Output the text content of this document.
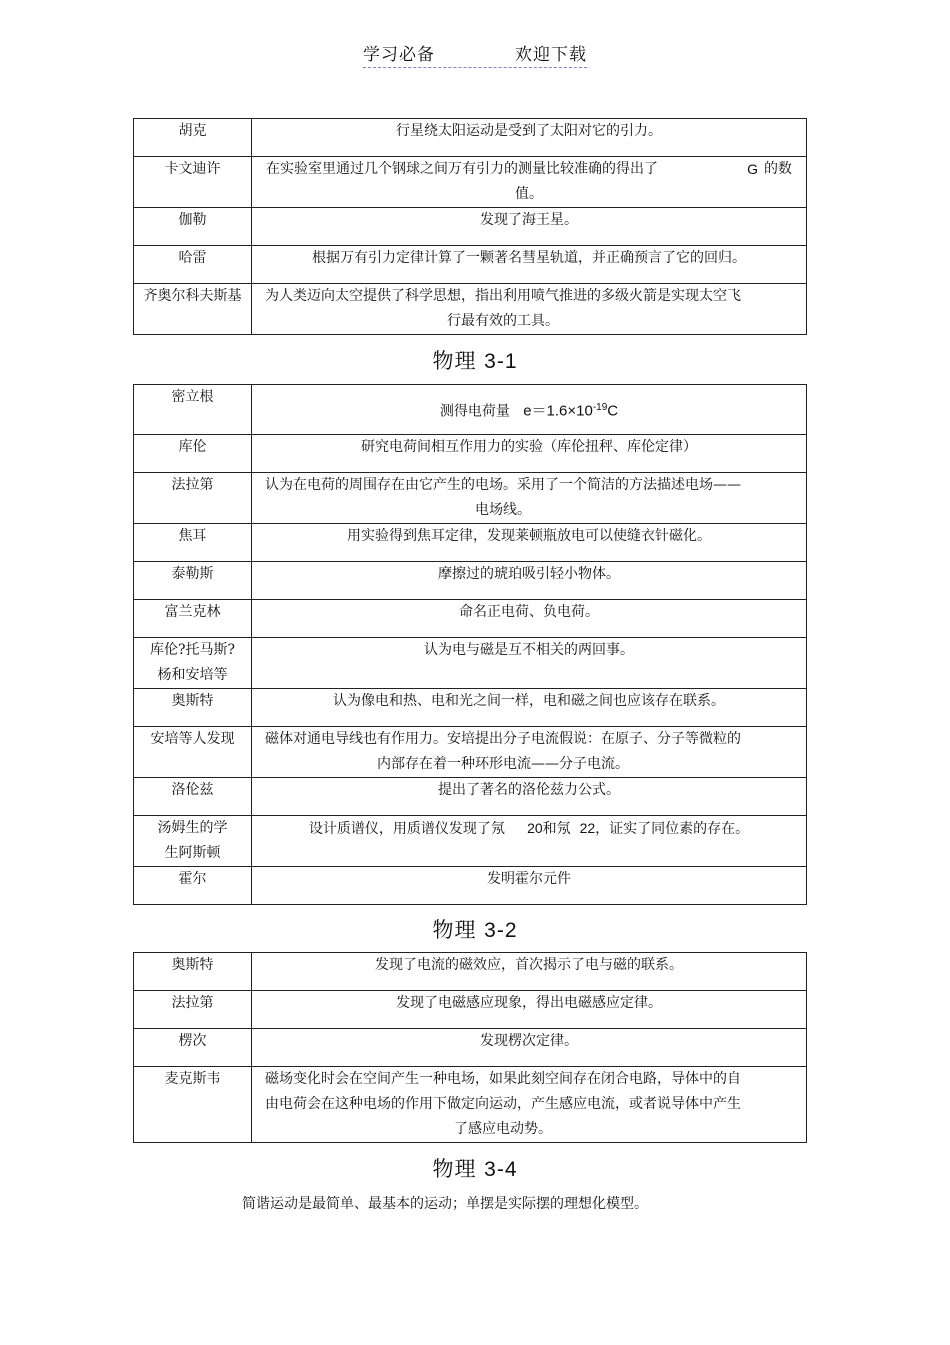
学习必备	欢迎下载
胡克	行星绕太阳运动是受到了太阳对它的引力。
卡文迪许	在实验室里通过几个钢球之间万有引力的测量比较准确的得出了 G 的数
值。

伽勒	发现了海王星。
哈雷	根据万有引力定律计算了一颗著名彗星轨道，并正确预言了它的回归。
齐奥尔科夫斯基	为人类迈向太空提供了科学思想，指出利用喷气推进的多级火箭是实现太空飞行最有效的工具。
物理 3-1
密立根	测得电荷量 $e=1.6\times 10^{-19}C$
库伦	研究电荷间相互作用力的实验（库伦扭秤、库伦定律）
法拉第	认为在电荷的周围存在由它产生的电场。采用了一个简洁的方法描述电场——电场线。
焦耳	用实验得到焦耳定律，发现莱顿瓶放电可以使缝衣针磁化。
泰勒斯	摩擦过的琥珀吸引轻小物体。
富兰克林	命名正电荷、负电荷。
库伦?托马斯?杨和安培等	认为电与磁是互不相关的两回事。
奥斯特	认为像电和热、电和光之间一样，电和磁之间也应该存在联系。
安培等人发现	磁体对通电导线也有作用力。安培提出分子电流假说：在原子、分子等微粒的内部存在着一种环形电流——分子电流。
洛伦兹	提出了著名的洛伦兹力公式。
汤姆生的学生阿斯顿	设计质谱仪，用质谱仪发现了氖 20和氖 22，证实了同位素的存在。
霍尔	发明霍尔元件
物理 3-2
奥斯特	发现了电流的磁效应，首次揭示了电与磁的联系。
法拉第	发现了电磁感应现象，得出电磁感应定律。
楞次	发现楞次定律。
麦克斯韦	磁场变化时会在空间产生一种电场，如果此刻空间存在闭合电路，导体中的自由电荷会在这种电场的作用下做定向运动，产生感应电流，或者说导体中产生了感应电动势。
物理 3-4
简谐运动是最简单、最基本的运动；单摆是实际摆的理想化模型。
